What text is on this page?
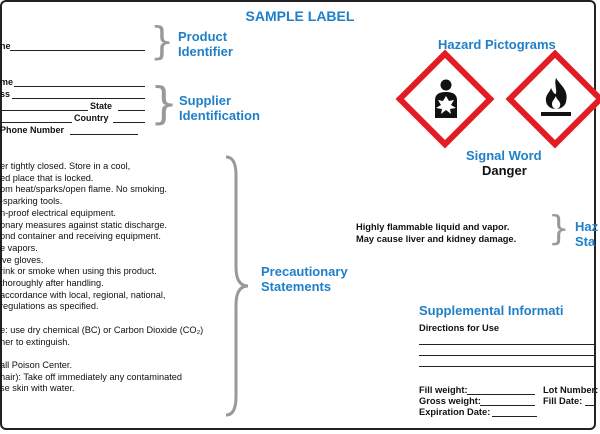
SAMPLE LABEL
ne	} Product
Identifier
me
ss
State
Country
Phone Number
} Supplier
Identification
Hazard Pictograms
Signal Word
Danger
Highly flammable liquid and vapor.
May cause liver and kidney damage. } Haz
Sta
er tightly closed. Store in a cool,
ed place that is locked.
om heat/sparks/open flame. No smoking.
-sparking tools.
n-proof electrical equipment.
onary measures against static discharge.
ond container and receiving equipment.
e vapors.
ive gloves.
rink or smoke when using this product.
thoroughly after handling.
accordance with local, regional, national,
regulations as specified.

e: use dry chemical (BC) or Carbon Dioxide (CO₂)
her to extinguish.

all Poison Center.
hair): Take off immediately any contaminated
se skin with water.
Precautionary
Statements
Supplemental Informati
Directions for Use
Fill weight:	Lot Number:
Gross weight:	Fill Date:
Expiration Date:
